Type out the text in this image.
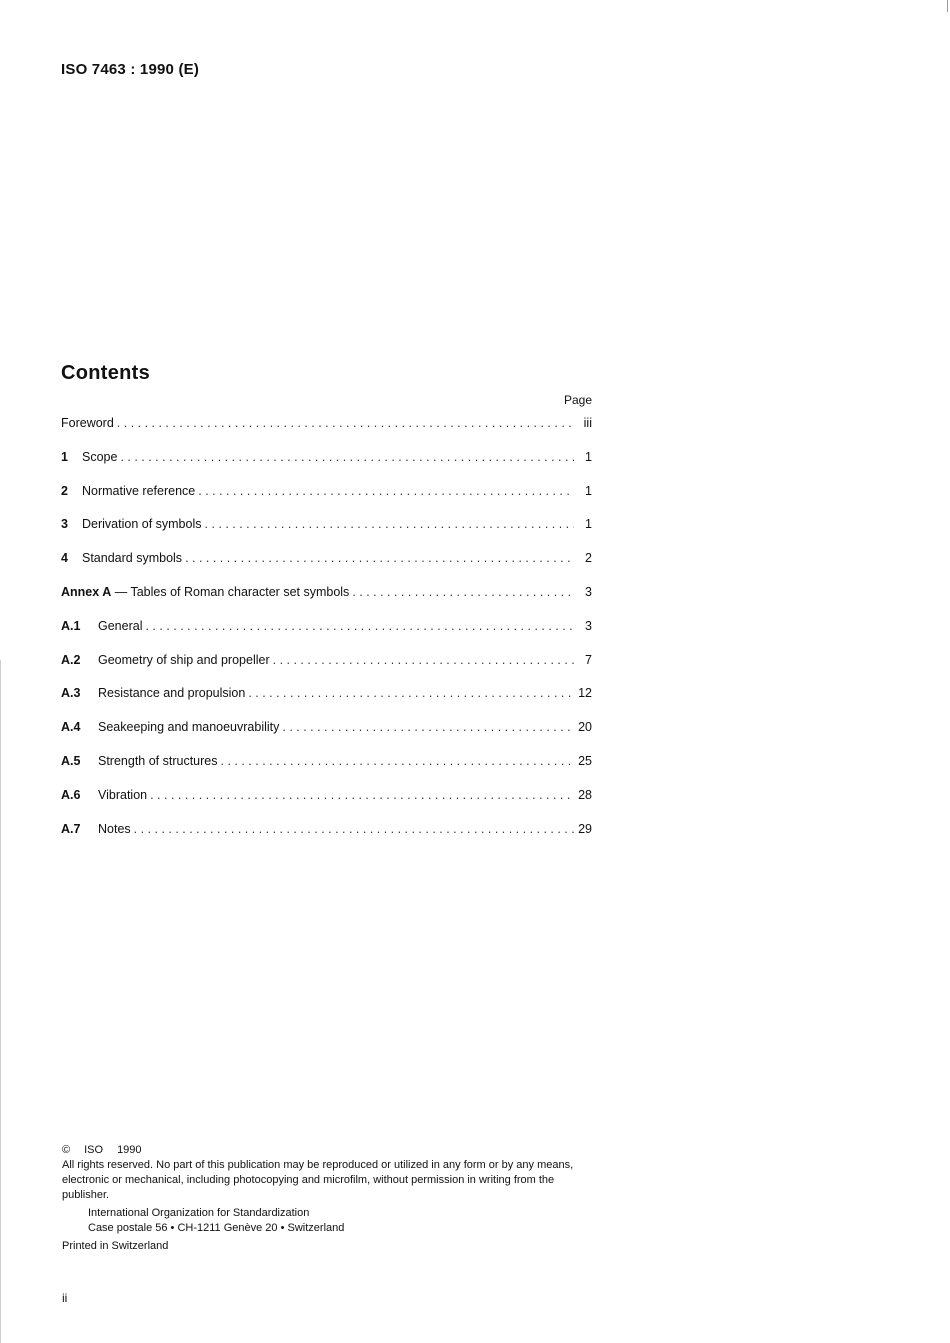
ISO 7463 : 1990 (E)
Contents
Page
Foreword . . .	iii
1	Scope . . .	1
2	Normative reference . . .	1
3	Derivation of symbols . . .	1
4	Standard symbols . . .	2
Annex A — Tables of Roman character set symbols . . .	3
A.1	General . . .	3
A.2	Geometry of ship and propeller . . .	7
A.3	Resistance and propulsion . . .	12
A.4	Seakeeping and manoeuvrability . . .	20
A.5	Strength of structures . . .	25
A.6	Vibration . . .	28
A.7	Notes . . .	29
© ISO 1990
All rights reserved. No part of this publication may be reproduced or utilized in any form or by any means, electronic or mechanical, including photocopying and microfilm, without permission in writing from the publisher.
International Organization for Standardization
Case postale 56 • CH-1211 Genève 20 • Switzerland
Printed in Switzerland
ii
